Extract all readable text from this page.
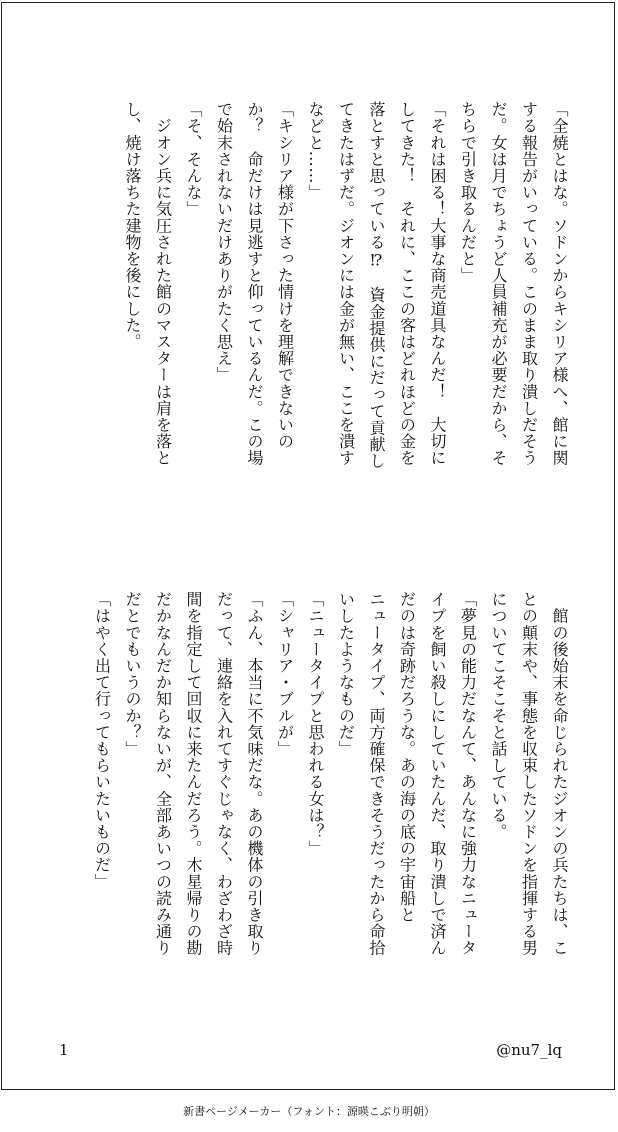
「全焼とはな。ソドンからキシリア様へ、館に関

する報告がいっている。このまま取り潰しだそう

だ。女は月でちょうど人員補充が必要だから、そ

ちらで引き取るんだと」

「それは困る！大事な商売道具なんだ！　大切に

してきた！　それに、ここの客はどれほどの金を

落とすと思っている⁉　資金提供にだって貢献し

てきたはずだ。ジオンには金が無い、ここを潰す

などと……」

「キシリア様が下さった情けを理解できないの

か？　命だけは見逃すと仰っているんだ。この場

で始末されないだけありがたく思え」

「そ、そんな」

　ジオン兵に気圧された館のマスターは肩を落と

し、焼け落ちた建物を後にした。

　館の後始末を命じられたジオンの兵たちは、こ

との顛末や、事態を収束したソドンを指揮する男

についてこそこそと話している。

「夢見の能力だなんて、あんなに強力なニュータ

イプを飼い殺しにしていたんだ、取り潰しで済ん

だのは奇跡だろうな。あの海の底の宇宙船と

ニュータイプ、両方確保できそうだったから命拾

いしたようなものだ」

「ニュータイプと思われる女は？」

「シャリア・ブルが」

「ふん、本当に不気味だな。あの機体の引き取り

だって、連絡を入れてすぐじゃなく、わざわざ時

間を指定して回収に来たんだろう。木星帰りの勘

だかなんだか知らないが、全部あいつの読み通り

だとでもいうのか？」

「はやく出て行ってもらいたいものだ」

1	@nu7_lq
新書ページメーカー（フォント：源暎こぶり明朝）
